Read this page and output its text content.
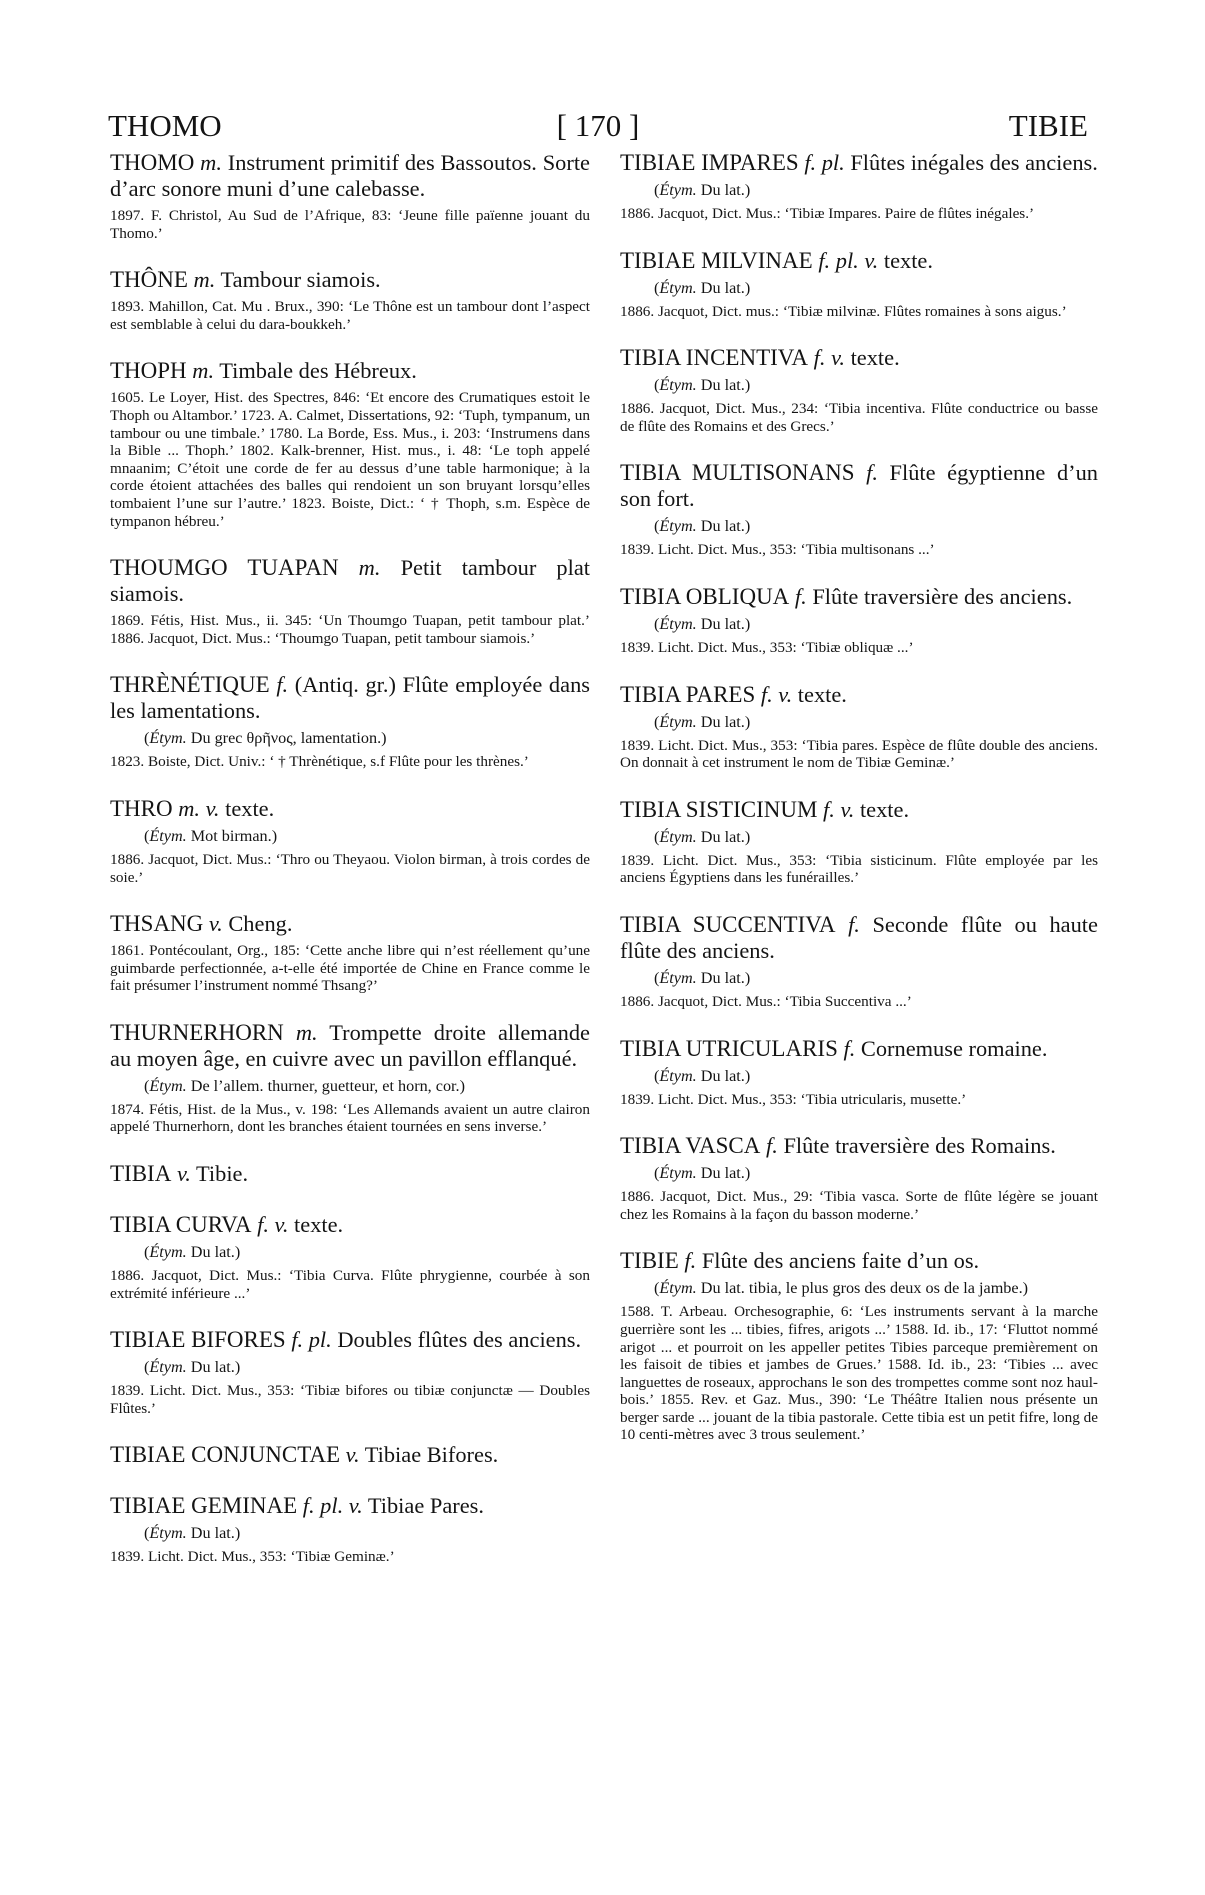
THOMO	[ 170 ]	TIBIE
THOMO m. Instrument primitif des Bassoutos. Sorte d’arc sonore muni d’une calebasse.
1897. F. Christol, Au Sud de l’Afrique, 83: ‘Jeune fille païenne jouant du Thomo.’
THÔNE m. Tambour siamois.
1893. Mahillon, Cat. Mu . Brux., 390: ‘Le Thône est un tambour dont l’aspect est semblable à celui du dara-boukkeh.’
THOPH m. Timbale des Hébreux.
1605. Le Loyer, Hist. des Spectres, 846: ‘Et encore des Crumatiques estoit le Thoph ou Altambor.’ 1723. A. Calmet, Dissertations, 92: ‘Tuph, tympanum, un tambour ou une timbale.’ 1780. La Borde, Ess. Mus., i. 203: ‘Instrumens dans la Bible ... Thoph.’ 1802. Kalk-brenner, Hist. mus., i. 48: ‘Le toph appelé mnaanim; C’étoit une corde de fer au dessus d’une table harmonique; à la corde étoient attachées des balles qui rendoient un son bruyant lorsqu’elles tombaient l’une sur l’autre.’ 1823. Boiste, Dict.: ‘ † Thoph, s.m. Espèce de tympanon hébreu.’
THOUMGO TUAPAN m. Petit tambour plat siamois.
1869. Fétis, Hist. Mus., ii. 345: ‘Un Thoumgo Tuapan, petit tambour plat.’ 1886. Jacquot, Dict. Mus.: ‘Thoumgo Tuapan, petit tambour siamois.’
THRÈNÉTIQUE f. (Antiq. gr.) Flûte employée dans les lamentations.
(Étym. Du grec θρῆνος, lamentation.)
1823. Boiste, Dict. Univ.: ‘ † Thrènétique, s.f Flûte pour les thrènes.’
THRO m. v. texte.
(Étym. Mot birman.)
1886. Jacquot, Dict. Mus.: ‘Thro ou Theyaou. Violon birman, à trois cordes de soie.’
THSANG v. Cheng.
1861. Pontécoulant, Org., 185: ‘Cette anche libre qui n’est réellement qu’une guimbarde perfectionnée, a-t-elle été importée de Chine en France comme le fait présumer l’instrument nommé Thsang?’
THURNERHORN m. Trompette droite allemande au moyen âge, en cuivre avec un pavillon efflanqué.
(Étym. De l’allem. thurner, guetteur, et horn, cor.)
1874. Fétis, Hist. de la Mus., v. 198: ‘Les Allemands avaient un autre clairon appelé Thurnerhorn, dont les branches étaient tournées en sens inverse.’
TIBIA v. Tibie.
TIBIA CURVA f. v. texte.
(Étym. Du lat.)
1886. Jacquot, Dict. Mus.: ‘Tibia Curva. Flûte phrygienne, courbée à son extrémité inférieure ...’
TIBIAE BIFORES f. pl. Doubles flûtes des anciens.
(Étym. Du lat.)
1839. Licht. Dict. Mus., 353: ‘Tibiæ bifores ou tibiæ conjunctæ — Doubles Flûtes.’
TIBIAE CONJUNCTAE v. Tibiae Bifores.
TIBIAE GEMINAE f. pl. v. Tibiae Pares.
(Étym. Du lat.)
1839. Licht. Dict. Mus., 353: ‘Tibiæ Geminæ.’
TIBIAE IMPARES f. pl. Flûtes inégales des anciens.
(Étym. Du lat.)
1886. Jacquot, Dict. Mus.: ‘Tibiæ Impares. Paire de flûtes inégales.’
TIBIAE MILVINAE f. pl. v. texte.
(Étym. Du lat.)
1886. Jacquot, Dict. mus.: ‘Tibiæ milvinæ. Flûtes romaines à sons aigus.’
TIBIA INCENTIVA f. v. texte.
(Étym. Du lat.)
1886. Jacquot, Dict. Mus., 234: ‘Tibia incentiva. Flûte conductrice ou basse de flûte des Romains et des Grecs.’
TIBIA MULTISONANS f. Flûte égyptienne d’un son fort.
(Étym. Du lat.)
1839. Licht. Dict. Mus., 353: ‘Tibia multisonans ...’
TIBIA OBLIQUA f. Flûte traversière des anciens.
(Étym. Du lat.)
1839. Licht. Dict. Mus., 353: ‘Tibiæ obliquæ ...’
TIBIA PARES f. v. texte.
(Étym. Du lat.)
1839. Licht. Dict. Mus., 353: ‘Tibia pares. Espèce de flûte double des anciens. On donnait à cet instrument le nom de Tibiæ Geminæ.’
TIBIA SISTICINUM f. v. texte.
(Étym. Du lat.)
1839. Licht. Dict. Mus., 353: ‘Tibia sisticinum. Flûte employée par les anciens Égyptiens dans les funérailles.’
TIBIA SUCCENTIVA f. Seconde flûte ou haute flûte des anciens.
(Étym. Du lat.)
1886. Jacquot, Dict. Mus.: ‘Tibia Succentiva ...’
TIBIA UTRICULARIS f. Cornemuse romaine.
(Étym. Du lat.)
1839. Licht. Dict. Mus., 353: ‘Tibia utricularis, musette.’
TIBIA VASCA f. Flûte traversière des Romains.
(Étym. Du lat.)
1886. Jacquot, Dict. Mus., 29: ‘Tibia vasca. Sorte de flûte légère se jouant chez les Romains à la façon du basson moderne.’
TIBIE f. Flûte des anciens faite d’un os.
(Étym. Du lat. tibia, le plus gros des deux os de la jambe.)
1588. T. Arbeau. Orchesographie, 6: ‘Les instruments servant à la marche guerrière sont les ... tibies, fifres, arigots ...’ 1588. Id. ib., 17: ‘Fluttot nommé arigot ... et pourroit on les appeller petites Tibies parceque premièrement on les faisoit de tibies et jambes de Grues.’ 1588. Id. ib., 23: ‘Tibies ... avec languettes de roseaux, approchans le son des trompettes comme sont noz haul-bois.’ 1855. Rev. et Gaz. Mus., 390: ‘Le Théâtre Italien nous présente un berger sarde ... jouant de la tibia pastorale. Cette tibia est un petit fifre, long de 10 centi-mètres avec 3 trous seulement.’
